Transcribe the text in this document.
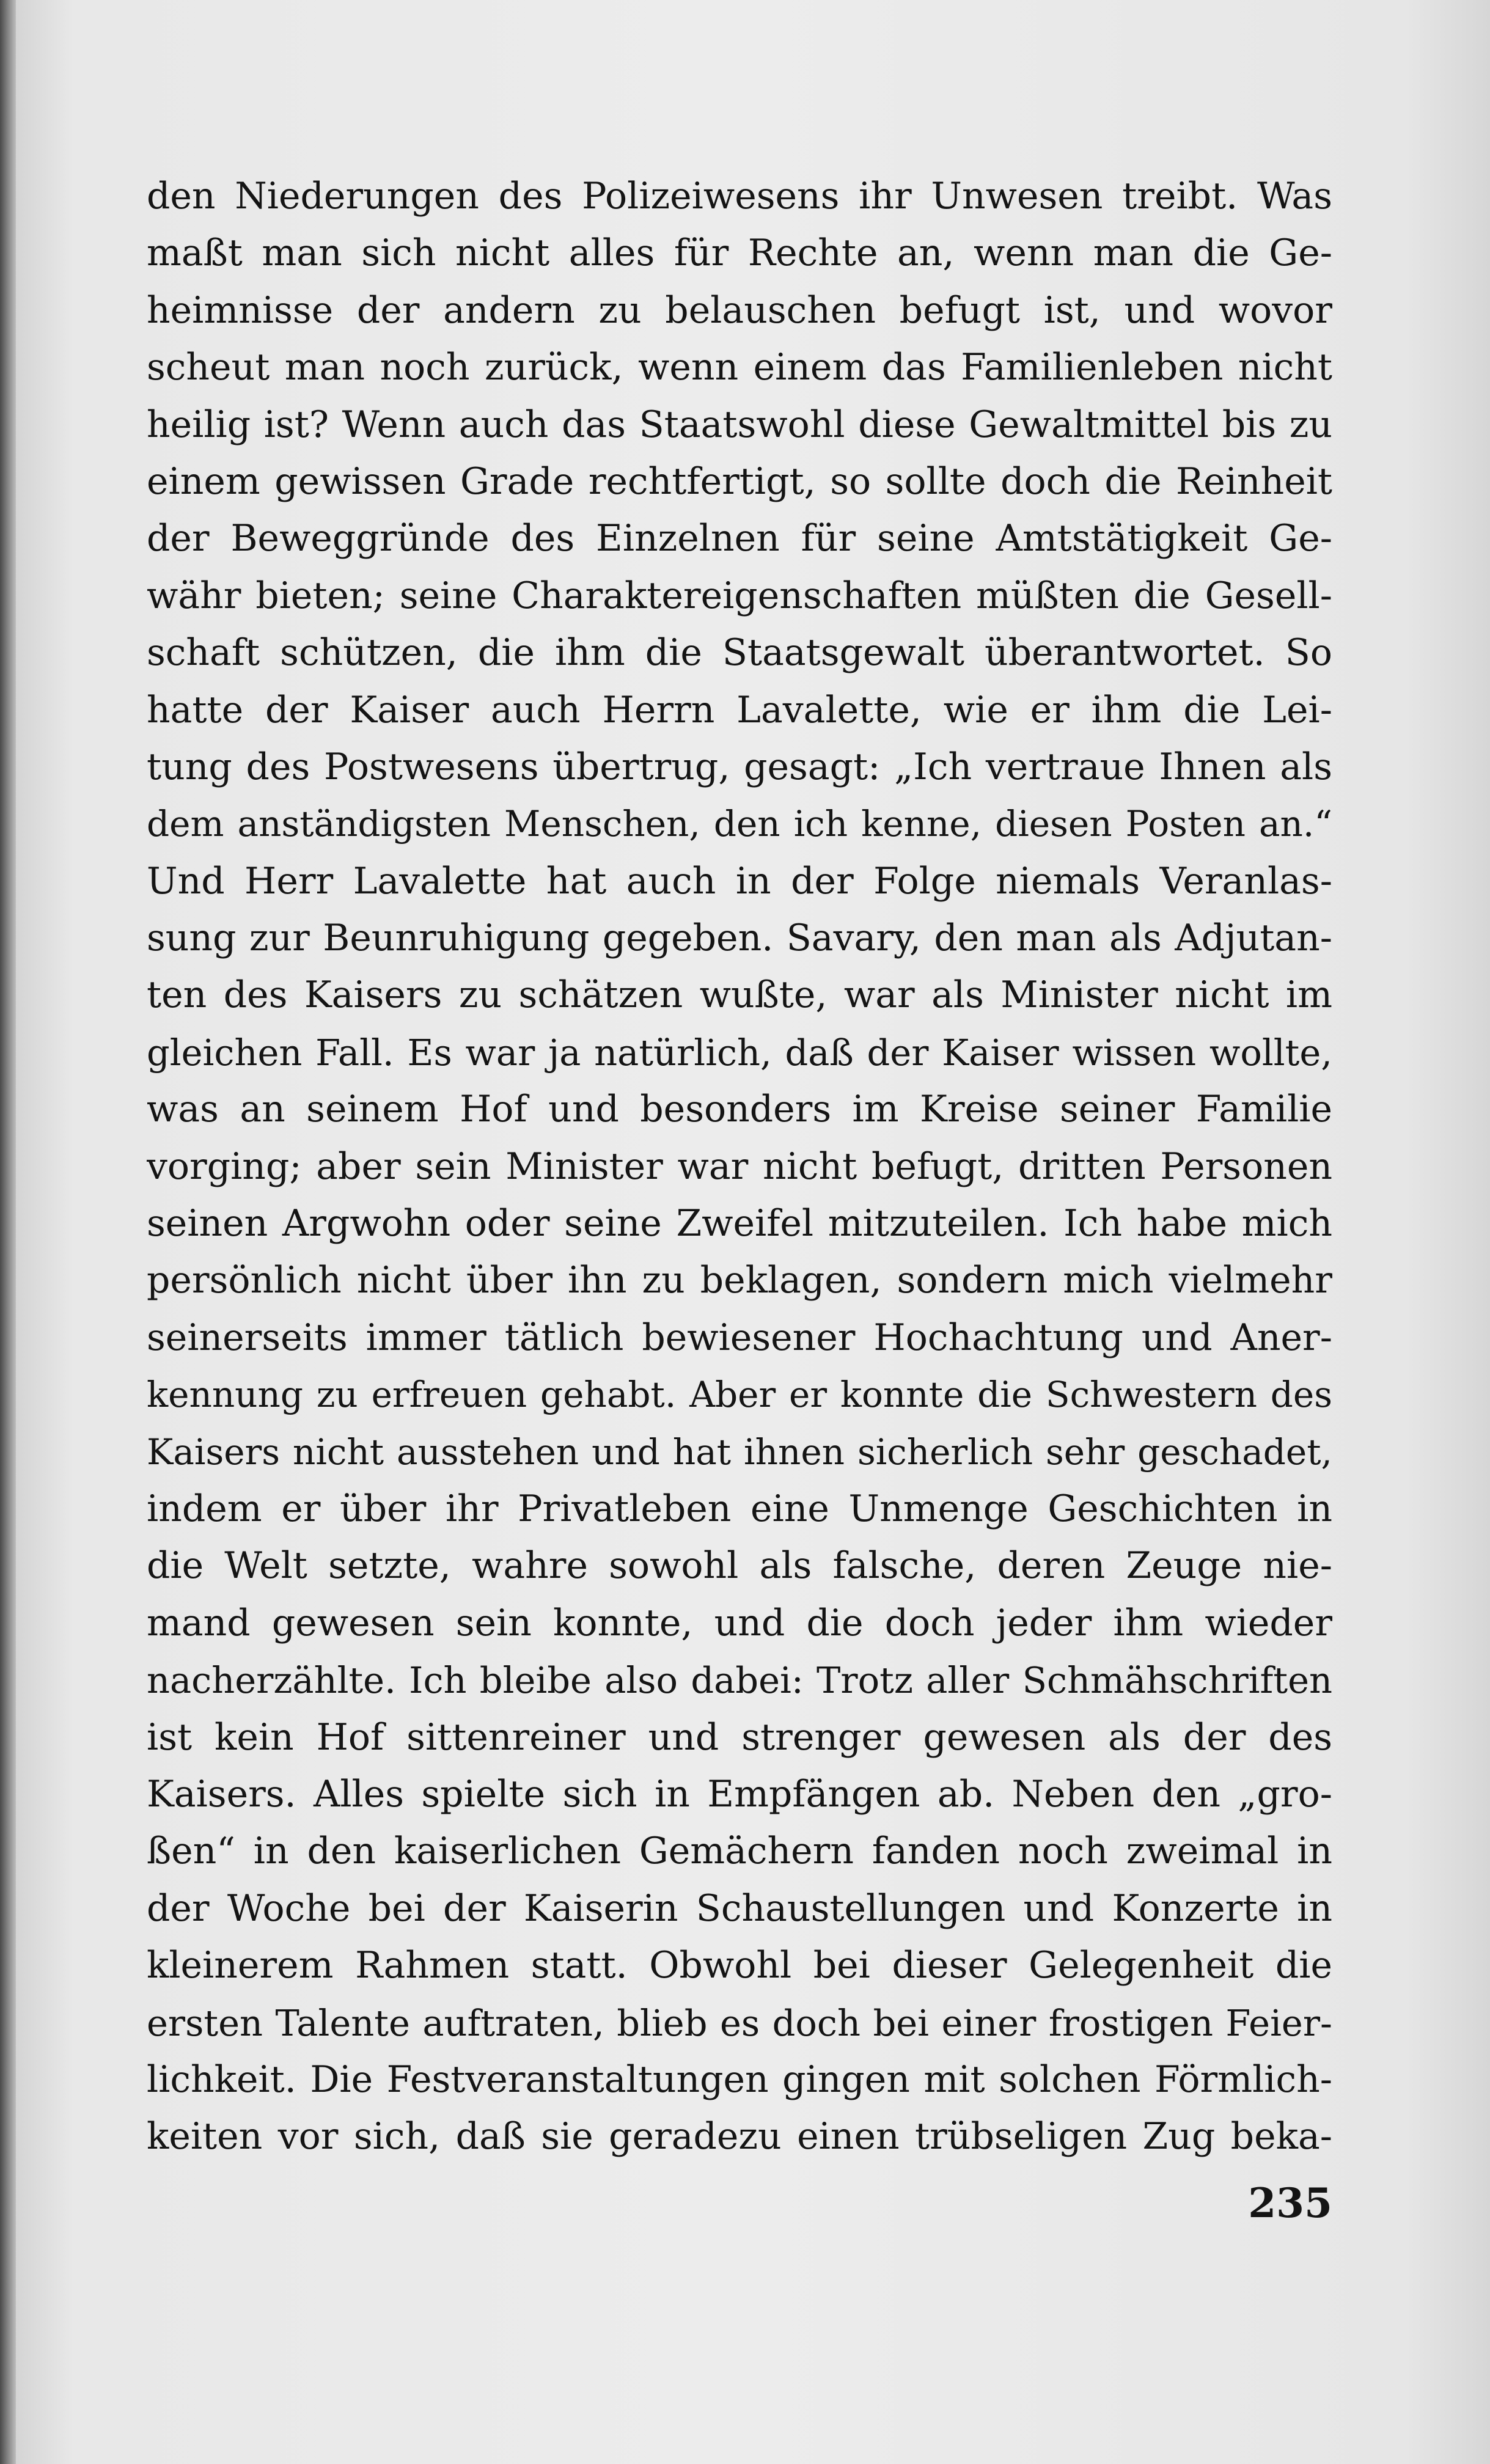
den Niederungen des Polizeiwesens ihr Unwesen treibt. Was
maßt man sich nicht alles für Rechte an, wenn man die Ge-
heimnisse der andern zu belauschen befugt ist, und wovor
scheut man noch zurück, wenn einem das Familienleben nicht
heilig ist? Wenn auch das Staatswohl diese Gewaltmittel bis zu
einem gewissen Grade rechtfertigt, so sollte doch die Reinheit
der Beweggründe des Einzelnen für seine Amtstätigkeit Ge-
währ bieten; seine Charaktereigenschaften müßten die Gesell-
schaft schützen, die ihm die Staatsgewalt überantwortet. So
hatte der Kaiser auch Herrn Lavalette, wie er ihm die Lei-
tung des Postwesens übertrug, gesagt: „Ich vertraue Ihnen als
dem anständigsten Menschen, den ich kenne, diesen Posten an.“
Und Herr Lavalette hat auch in der Folge niemals Veranlas-
sung zur Beunruhigung gegeben. Savary, den man als Adjutan-
ten des Kaisers zu schätzen wußte, war als Minister nicht im
gleichen Fall. Es war ja natürlich, daß der Kaiser wissen wollte,
was an seinem Hof und besonders im Kreise seiner Familie
vorging; aber sein Minister war nicht befugt, dritten Personen
seinen Argwohn oder seine Zweifel mitzuteilen. Ich habe mich
persönlich nicht über ihn zu beklagen, sondern mich vielmehr
seinerseits immer tätlich bewiesener Hochachtung und Aner-
kennung zu erfreuen gehabt. Aber er konnte die Schwestern des
Kaisers nicht ausstehen und hat ihnen sicherlich sehr geschadet,
indem er über ihr Privatleben eine Unmenge Geschichten in
die Welt setzte, wahre sowohl als falsche, deren Zeuge nie-
mand gewesen sein konnte, und die doch jeder ihm wieder
nacherzählte. Ich bleibe also dabei: Trotz aller Schmähschriften
ist kein Hof sittenreiner und strenger gewesen als der des
Kaisers. Alles spielte sich in Empfängen ab. Neben den „gro-
ßen“ in den kaiserlichen Gemächern fanden noch zweimal in
der Woche bei der Kaiserin Schaustellungen und Konzerte in
kleinerem Rahmen statt. Obwohl bei dieser Gelegenheit die
ersten Talente auftraten, blieb es doch bei einer frostigen Feier-
lichkeit. Die Festveranstaltungen gingen mit solchen Förmlich-
keiten vor sich, daß sie geradezu einen trübseligen Zug beka-
235
